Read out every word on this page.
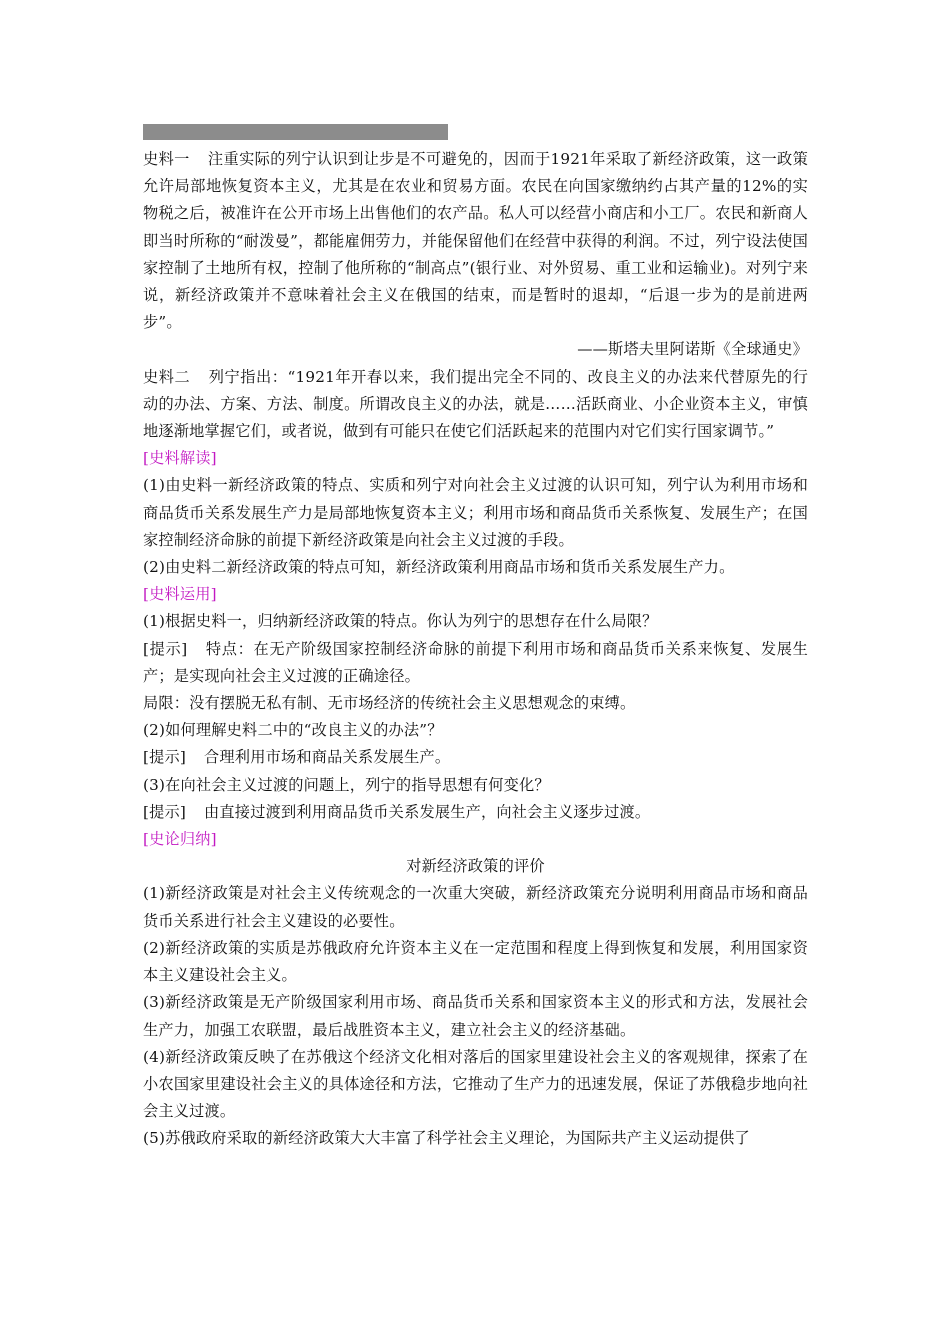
史料一 注重实际的列宁认识到让步是不可避免的，因而于1921年采取了新经济政策，这一政策允许局部地恢复资本主义，尤其是在农业和贸易方面。农民在向国家缴纳约占其产量的12%的实物税之后，被准许在公开市场上出售他们的农产品。私人可以经营小商店和小工厂。农民和新商人即当时所称的“耐泼曼”，都能雇佣劳力，并能保留他们在经营中获得的利润。不过，列宁设法使国家控制了土地所有权，控制了他所称的“制高点”(银行业、对外贸易、重工业和运输业)。对列宁来说，新经济政策并不意味着社会主义在俄国的结束，而是暂时的退却，“后退一步为的是前进两步”。

——斯塔夫里阿诺斯《全球通史》

史料二 列宁指出：“1921年开春以来，我们提出完全不同的、改良主义的办法来代替原先的行动的办法、方案、方法、制度。所谓改良主义的办法，就是……活跃商业、小企业资本主义，审慎地逐渐地掌握它们，或者说，做到有可能只在使它们活跃起来的范围内对它们实行国家调节。”

[史料解读]

(1)由史料一新经济政策的特点、实质和列宁对向社会主义过渡的认识可知，列宁认为利用市场和商品货币关系发展生产力是局部地恢复资本主义；利用市场和商品货币关系恢复、发展生产；在国家控制经济命脉的前提下新经济政策是向社会主义过渡的手段。

(2)由史料二新经济政策的特点可知，新经济政策利用商品市场和货币关系发展生产力。

[史料运用]

(1)根据史料一，归纳新经济政策的特点。你认为列宁的思想存在什么局限？

[提示] 特点：在无产阶级国家控制经济命脉的前提下利用市场和商品货币关系来恢复、发展生产；是实现向社会主义过渡的正确途径。

局限：没有摆脱无私有制、无市场经济的传统社会主义思想观念的束缚。

(2)如何理解史料二中的“改良主义的办法”？

[提示] 合理利用市场和商品关系发展生产。

(3)在向社会主义过渡的问题上，列宁的指导思想有何变化？

[提示] 由直接过渡到利用商品货币关系发展生产，向社会主义逐步过渡。

[史论归纳]

对新经济政策的评价

(1)新经济政策是对社会主义传统观念的一次重大突破，新经济政策充分说明利用商品市场和商品货币关系进行社会主义建设的必要性。

(2)新经济政策的实质是苏俄政府允许资本主义在一定范围和程度上得到恢复和发展，利用国家资本主义建设社会主义。

(3)新经济政策是无产阶级国家利用市场、商品货币关系和国家资本主义的形式和方法，发展社会生产力，加强工农联盟，最后战胜资本主义，建立社会主义的经济基础。

(4)新经济政策反映了在苏俄这个经济文化相对落后的国家里建设社会主义的客观规律，探索了在小农国家里建设社会主义的具体途径和方法，它推动了生产力的迅速发展，保证了苏俄稳步地向社会主义过渡。

(5)苏俄政府采取的新经济政策大大丰富了科学社会主义理论，为国际共产主义运动提供了
